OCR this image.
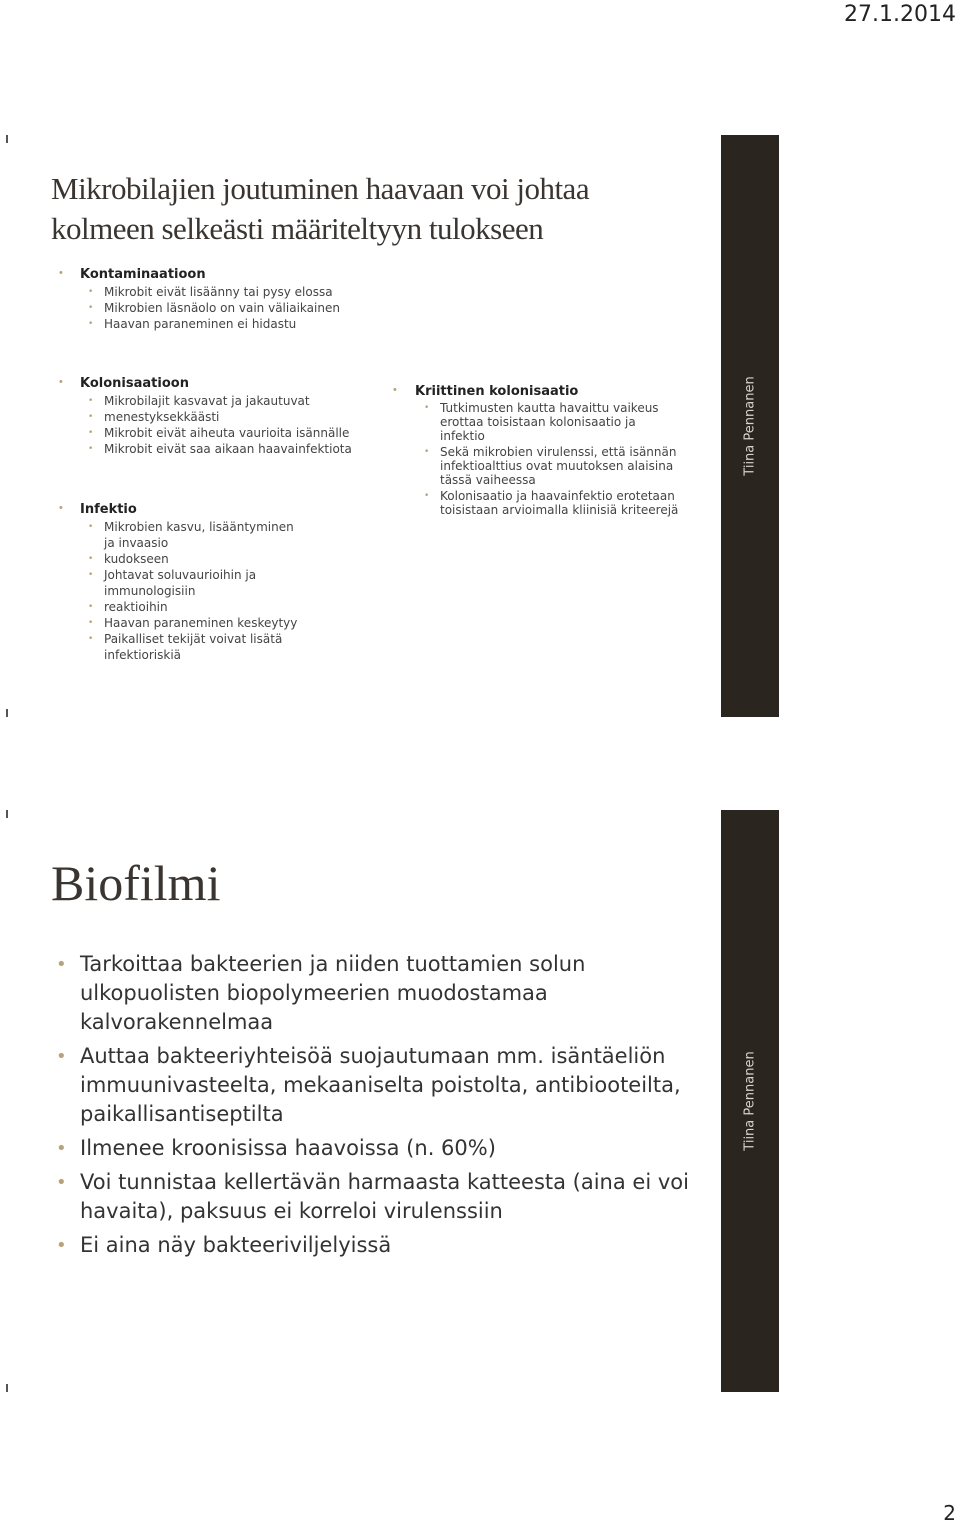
27.1.2014
Tiina Pennanen
Mikrobilajien joutuminen haavaan voi johtaa
kolmeen selkeästi määriteltyyn tulokseen
• Kontaminaatioon
• Mikrobit eivät lisäänny tai pysy elossa
• Mikrobien läsnäolo on vain väliaikainen
• Haavan paraneminen ei hidastu
• Kolonisaatioon
• Mikrobilajit kasvavat ja jakautuvat
• menestyksekkäästi
• Mikrobit eivät aiheuta vaurioita isännälle
• Mikrobit eivät saa aikaan haavainfektiota
• Infektio
• Mikrobien kasvu, lisääntyminen ja invaasio
• kudokseen
• Johtavat soluvaurioihin ja immunologisiin
• reaktioihin
• Haavan paraneminen keskeytyy
• Paikalliset tekijät voivat lisätä infektioriskiä
• Kriittinen kolonisaatio
• Tutkimusten kautta havaittu vaikeus erottaa toisistaan kolonisaatio ja infektio
• Sekä mikrobien virulenssi, että isännän infektioalttius ovat muutoksen alaisina tässä vaiheessa
• Kolonisaatio ja haavainfektio erotetaan toisistaan arvioimalla kliinisiä kriteerejä
Tiina Pennanen
Biofilmi
• Tarkoittaa bakteerien ja niiden tuottamien solun ulkopuolisten biopolymeerien muodostamaa kalvorakennelmaa
• Auttaa bakteeriyhteisöä suojautumaan mm. isäntäeliön immuunivasteelta, mekaaniselta poistolta, antibiooteilta, paikallisantiseptilta
• Ilmenee kroonisissa haavoissa (n. 60%)
• Voi tunnistaa kellertävän harmaasta katteesta (aina ei voi havaita), paksuus ei korreloi virulenssiin
• Ei aina näy bakteeriviljelyissä
2
